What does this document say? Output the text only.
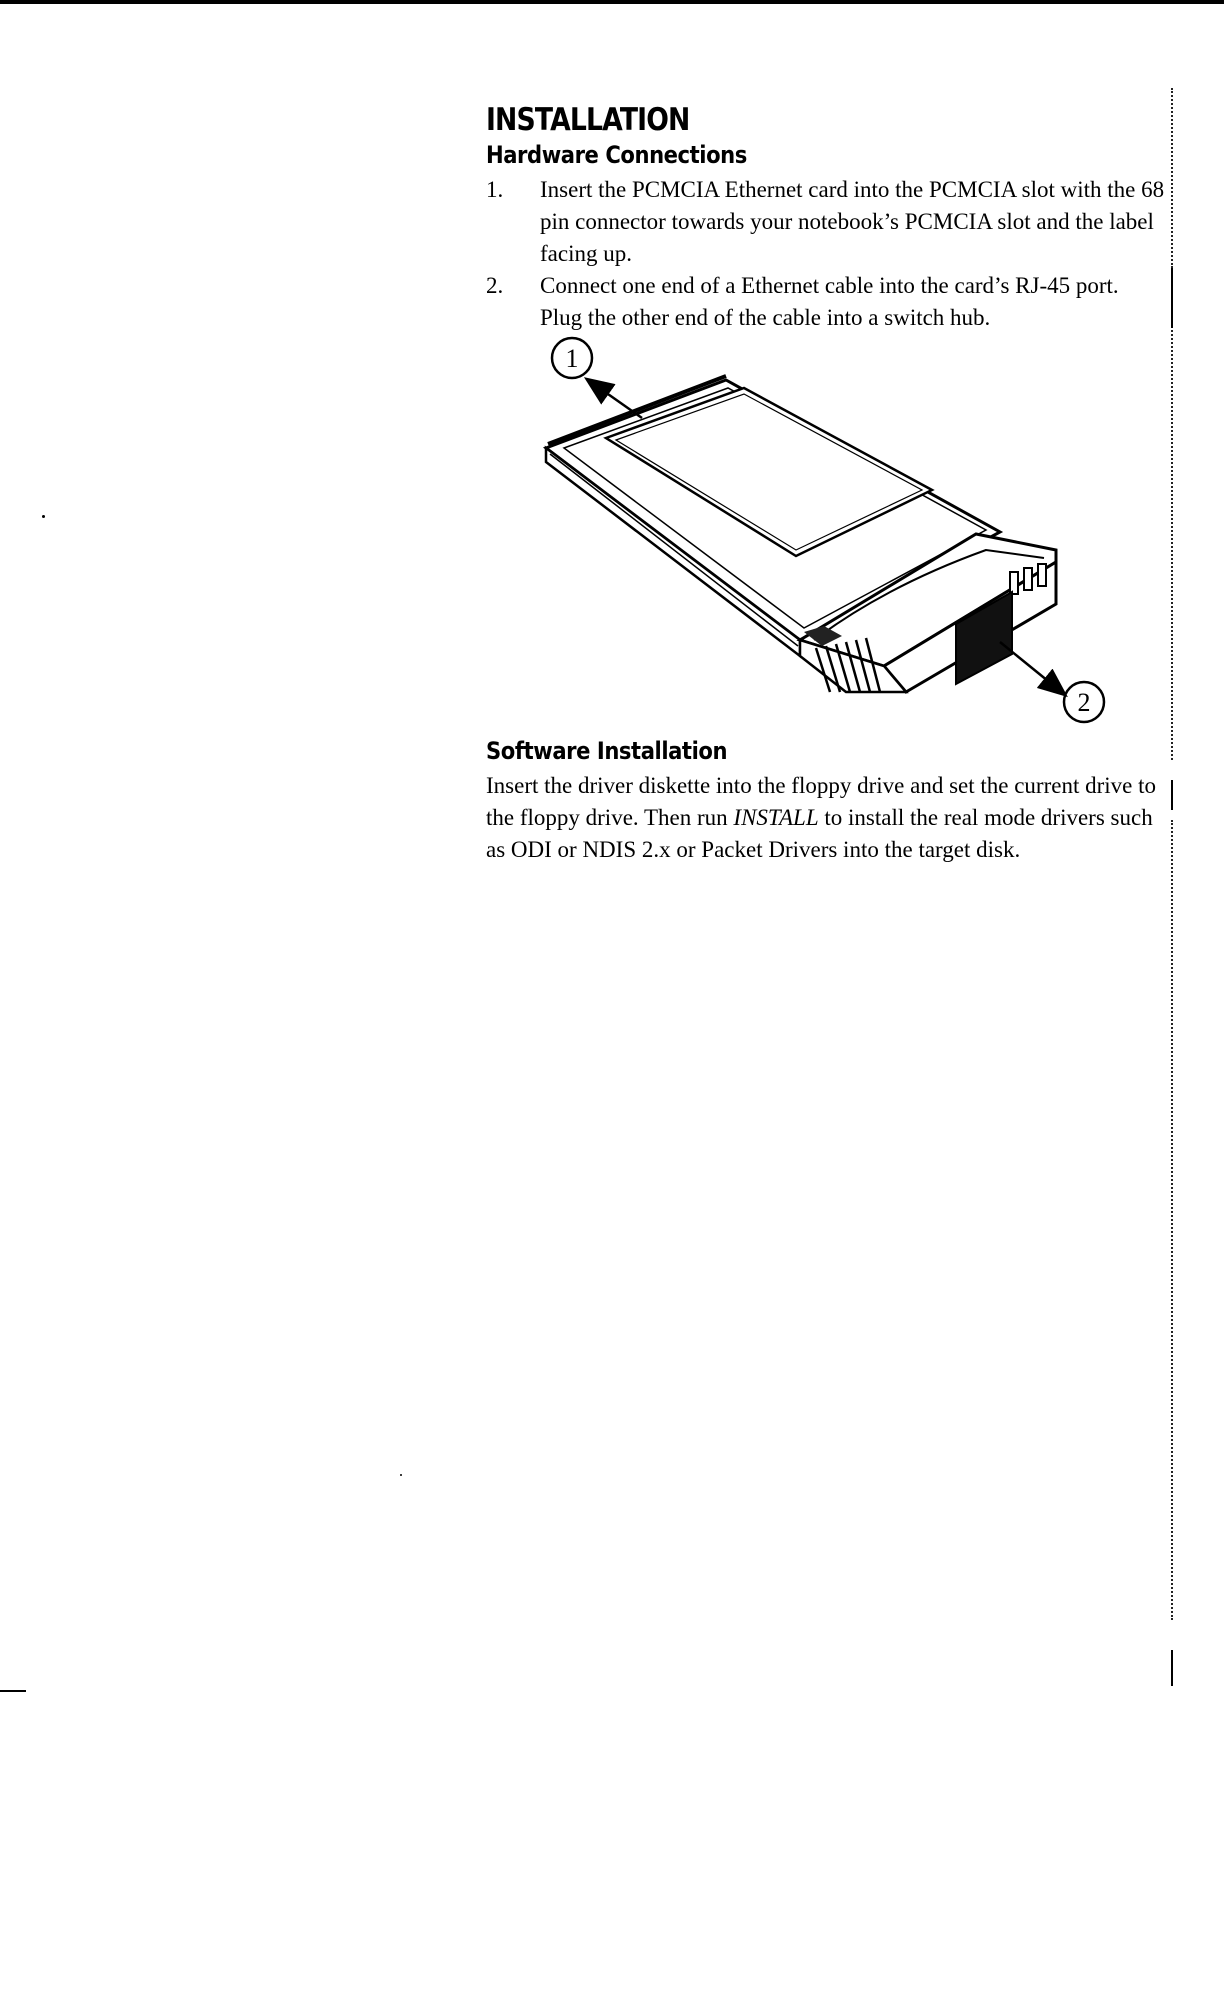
INSTALLATION
Hardware Connections
1.	Insert the PCMCIA Ethernet card into the PCMCIA slot with the 68 pin connector towards your notebook’s PCMCIA slot and the label facing up.
2.	Connect one end of a Ethernet cable into the card’s RJ-45 port. Plug the other end of the cable into a switch hub.
1
2
Software Installation

Insert the driver diskette into the floppy drive and set the current drive to the floppy drive. Then run INSTALL to install the real mode drivers such as ODI or NDIS 2.x or Packet Drivers into the target disk.
